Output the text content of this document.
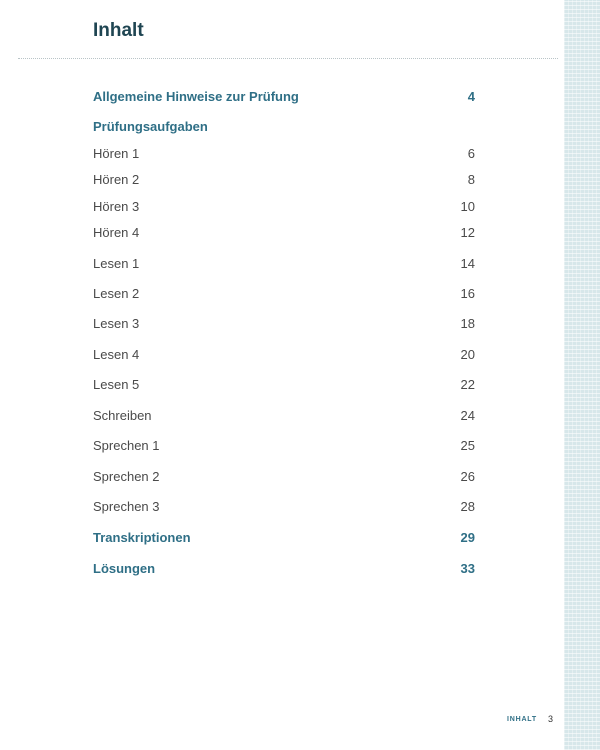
Inhalt
Allgemeine Hinweise zur Prüfung	4
Prüfungsaufgaben
Hören 1	6
Hören 2	8
Hören 3	10
Hören 4	12
Lesen 1	14
Lesen 2	16
Lesen 3	18
Lesen 4	20
Lesen 5	22
Schreiben	24
Sprechen 1	25
Sprechen 2	26
Sprechen 3	28
Transkriptionen	29
Lösungen	33
INHALT 3
